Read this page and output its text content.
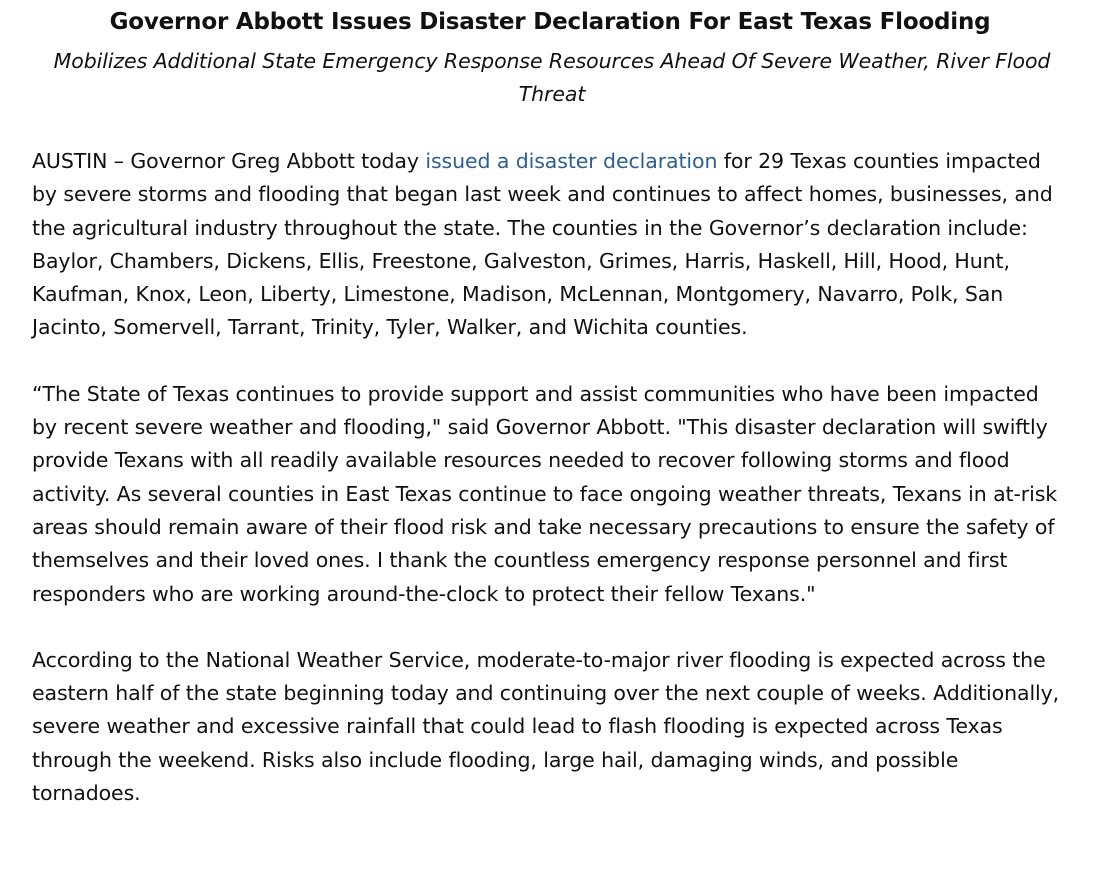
Governor Abbott Issues Disaster Declaration For East Texas Flooding

Mobilizes Additional State Emergency Response Resources Ahead Of Severe Weather, River Flood Threat

AUSTIN – Governor Greg Abbott today issued a disaster declaration for 29 Texas counties impacted by severe storms and flooding that began last week and continues to affect homes, businesses, and the agricultural industry throughout the state. The counties in the Governor’s declaration include: Baylor, Chambers, Dickens, Ellis, Freestone, Galveston, Grimes, Harris, Haskell, Hill, Hood, Hunt, Kaufman, Knox, Leon, Liberty, Limestone, Madison, McLennan, Montgomery, Navarro, Polk, San Jacinto, Somervell, Tarrant, Trinity, Tyler, Walker, and Wichita counties.

“The State of Texas continues to provide support and assist communities who have been impacted by recent severe weather and flooding," said Governor Abbott. "This disaster declaration will swiftly provide Texans with all readily available resources needed to recover following storms and flood activity. As several counties in East Texas continue to face ongoing weather threats, Texans in at-risk areas should remain aware of their flood risk and take necessary precautions to ensure the safety of themselves and their loved ones. I thank the countless emergency response personnel and first responders who are working around-the-clock to protect their fellow Texans."

According to the National Weather Service, moderate-to-major river flooding is expected across the eastern half of the state beginning today and continuing over the next couple of weeks. Additionally, severe weather and excessive rainfall that could lead to flash flooding is expected across Texas through the weekend. Risks also include flooding, large hail, damaging winds, and possible tornadoes.
